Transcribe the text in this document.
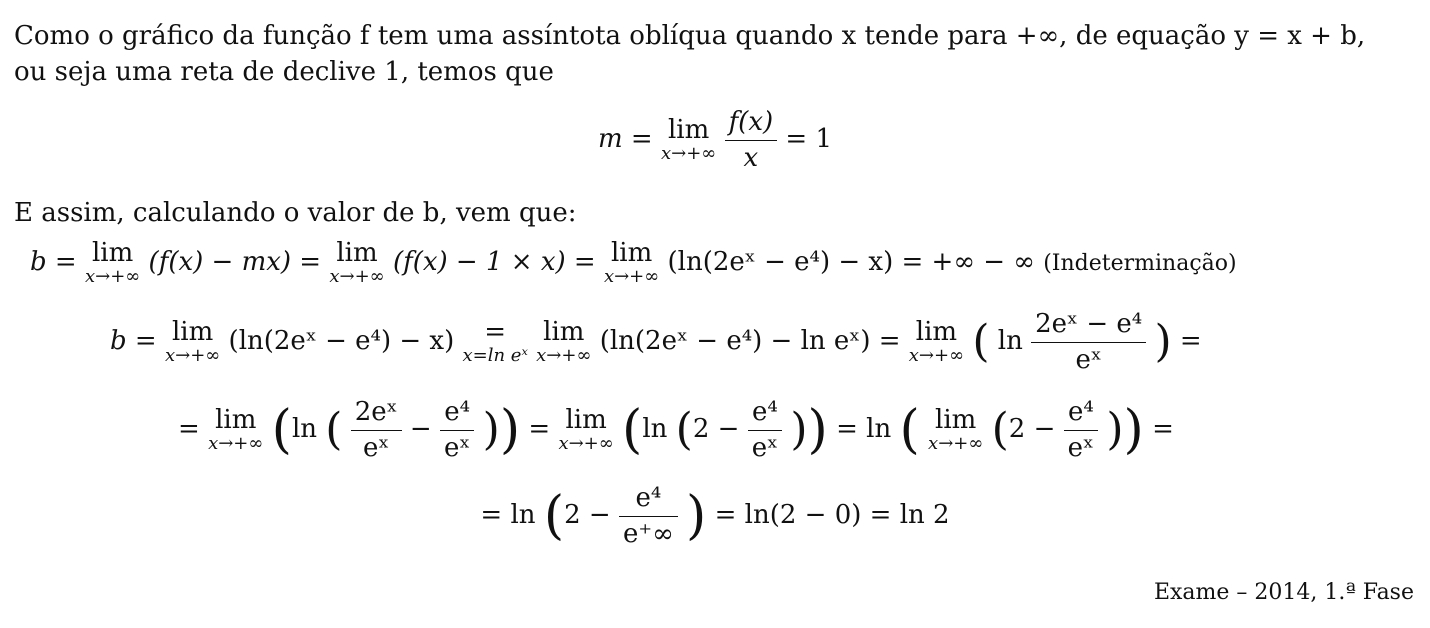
Como o gráfico da função f tem uma assíntota oblíqua quando x tende para +∞, de equação y = x + b,
ou seja uma reta de declive 1, temos que
m = lim
x→+∞
$\frac{f(x)}{x} = 1$
E assim, calculando o valor de b, vem que:
b = lim
x→+∞ (f(x) − mx) = lim
x→+∞ (f(x) − 1 × x) = lim
x→+∞ (ln(2eˣ − e⁴) − x) = +∞ − ∞ (Indeterminação)
b = lim
x→+∞ (ln(2eˣ − e⁴) − x)	=
x=ln eˣ

lim
x→+∞ (ln(2eˣ − e⁴) − ln eˣ) = lim
x→+∞ ( $\ln \frac{\text{2eˣ − e⁴}}{\text{eˣ}}$ ) =
= lim
x→+∞ (ln ( $\frac{\text{2eˣ}}{\text{eˣ}} - \frac{\text{e⁴}}{\text{eˣ}}$ )) = lim
x→+∞ (ln ($2 - \frac{\text{e⁴}}{\text{eˣ}}$ )) = ln ( lim
x→+∞ ($2 - \frac{\text{e⁴}}{\text{eˣ}}$ )) =
= $\ln (2 - \frac{\text{e⁴}}{e^+\infty}$ ) = ln(2 − 0) = ln 2
Exame – 2014, 1.ª Fase
